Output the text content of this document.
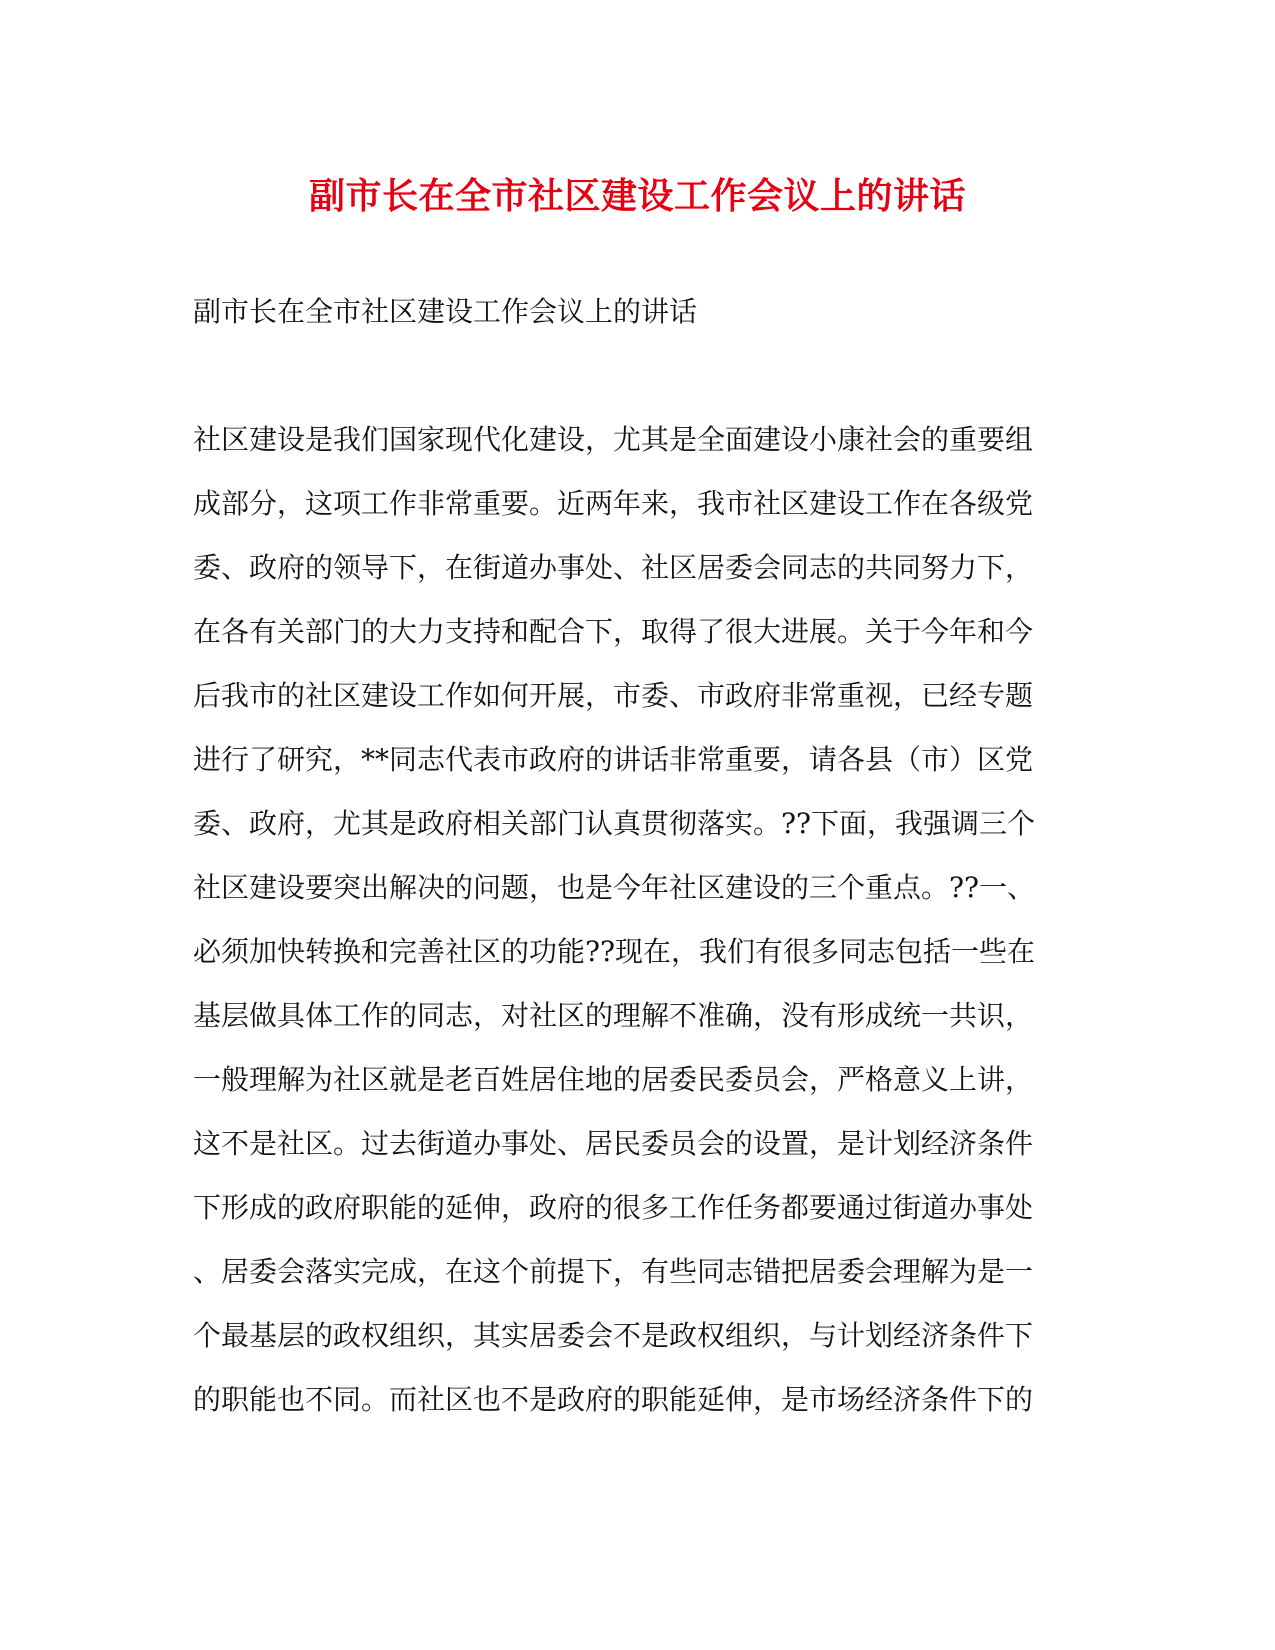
副市长在全市社区建设工作会议上的讲话
副市长在全市社区建设工作会议上的讲话
社区建设是我们国家现代化建设，尤其是全面建设小康社会的重要组
成部分，这项工作非常重要。近两年来，我市社区建设工作在各级党
委、政府的领导下，在街道办事处、社区居委会同志的共同努力下，
在各有关部门的大力支持和配合下，取得了很大进展。关于今年和今
后我市的社区建设工作如何开展，市委、市政府非常重视，已经专题
进行了研究，**同志代表市政府的讲话非常重要，请各县（市）区党
委、政府，尤其是政府相关部门认真贯彻落实。??下面，我强调三个
社区建设要突出解决的问题，也是今年社区建设的三个重点。??一、
必须加快转换和完善社区的功能??现在，我们有很多同志包括一些在
基层做具体工作的同志，对社区的理解不准确，没有形成统一共识，
一般理解为社区就是老百姓居住地的居委民委员会，严格意义上讲，
这不是社区。过去街道办事处、居民委员会的设置，是计划经济条件
下形成的政府职能的延伸，政府的很多工作任务都要通过街道办事处
、居委会落实完成，在这个前提下，有些同志错把居委会理解为是一
个最基层的政权组织，其实居委会不是政权组织，与计划经济条件下
的职能也不同。而社区也不是政府的职能延伸，是市场经济条件下的
